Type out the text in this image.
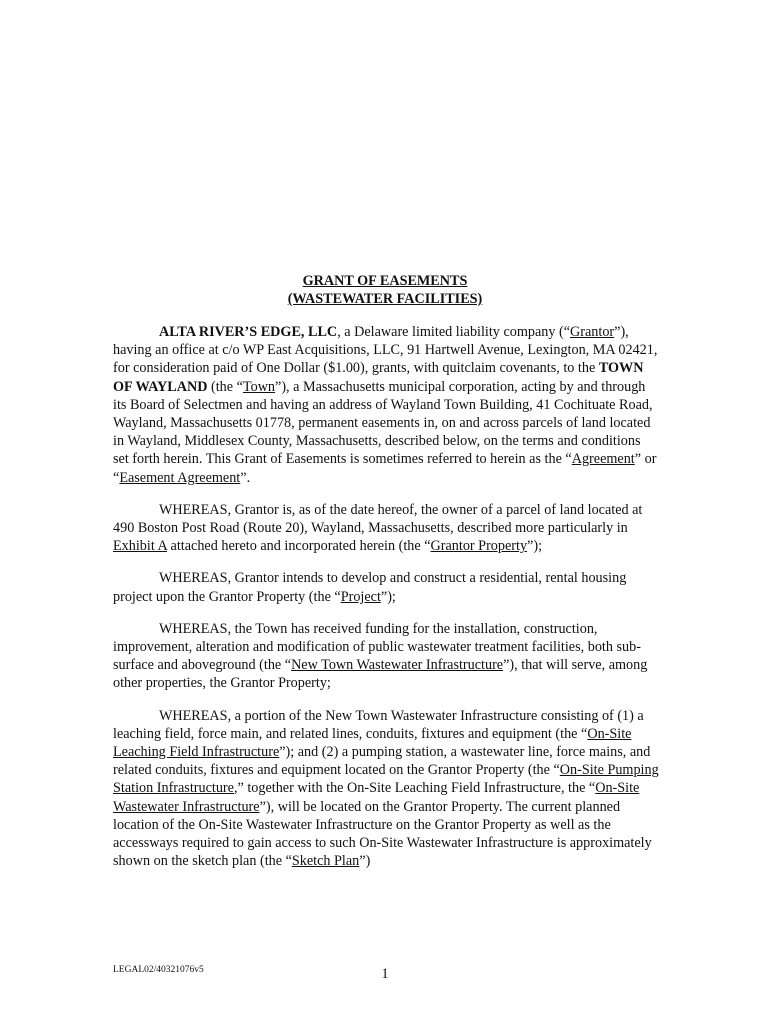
GRANT OF EASEMENTS
(WASTEWATER FACILITIES)

ALTA RIVER’S EDGE, LLC, a Delaware limited liability company (“Grantor”), having an office at c/o WP East Acquisitions, LLC, 91 Hartwell Avenue, Lexington, MA 02421, for consideration paid of One Dollar ($1.00), grants, with quitclaim covenants, to the TOWN OF WAYLAND (the “Town”), a Massachusetts municipal corporation, acting by and through its Board of Selectmen and having an address of Wayland Town Building, 41 Cochituate Road, Wayland, Massachusetts 01778, permanent easements in, on and across parcels of land located in Wayland, Middlesex County, Massachusetts, described below, on the terms and conditions set forth herein. This Grant of Easements is sometimes referred to herein as the “Agreement” or “Easement Agreement”.

WHEREAS, Grantor is, as of the date hereof, the owner of a parcel of land located at 490 Boston Post Road (Route 20), Wayland, Massachusetts, described more particularly in Exhibit A attached hereto and incorporated herein (the “Grantor Property”);

WHEREAS, Grantor intends to develop and construct a residential, rental housing project upon the Grantor Property (the “Project”);

WHEREAS, the Town has received funding for the installation, construction, improvement, alteration and modification of public wastewater treatment facilities, both sub-surface and aboveground (the “New Town Wastewater Infrastructure”), that will serve, among other properties, the Grantor Property;

WHEREAS, a portion of the New Town Wastewater Infrastructure consisting of (1) a leaching field, force main, and related lines, conduits, fixtures and equipment (the “On-Site Leaching Field Infrastructure”); and (2) a pumping station, a wastewater line, force mains, and related conduits, fixtures and equipment located on the Grantor Property (the “On-Site Pumping Station Infrastructure,” together with the On-Site Leaching Field Infrastructure, the “On-Site Wastewater Infrastructure”), will be located on the Grantor Property. The current planned location of the On-Site Wastewater Infrastructure on the Grantor Property as well as the accessways required to gain access to such On-Site Wastewater Infrastructure is approximately shown on the sketch plan (the “Sketch Plan”)

LEGAL02/40321076v5	1
